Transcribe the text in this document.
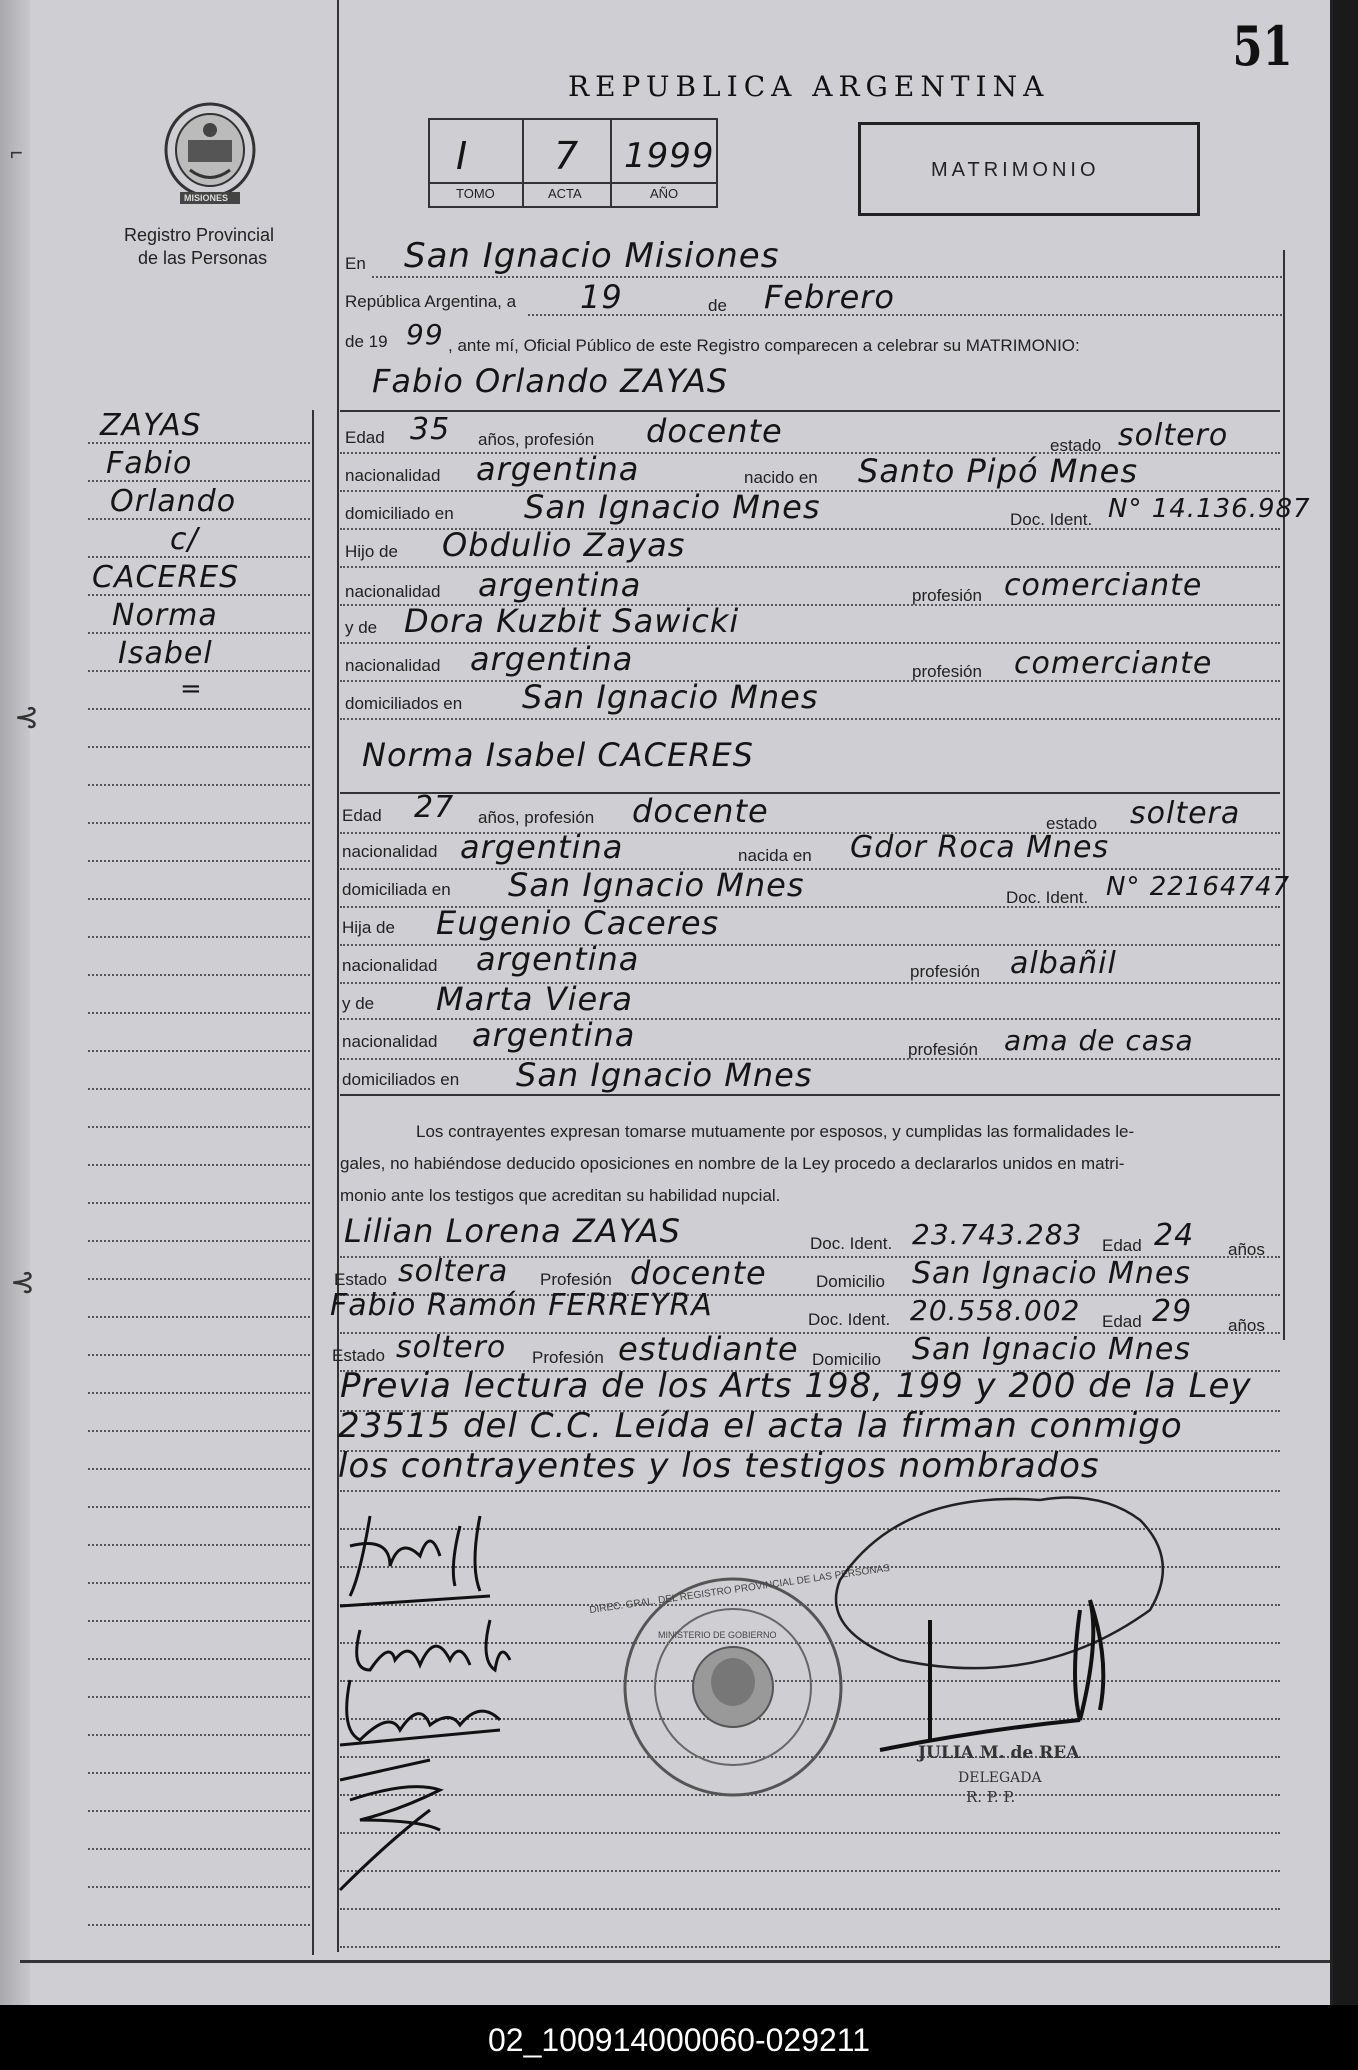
⌐
⊰
⊰
51
REPUBLICA ARGENTINA
MISIONES
Registro Provincial
de las Personas
I 7 1999
TOMO	ACTA	AÑO
MATRIMONIO
ZAYAS
Fabio
Orlando
c/
CACERES
Norma
Isabel
=
En San Ignacio Misiones
República Argentina, a 19	de Febrero
de 19 99 , ante mí, Oficial Público de este Registro comparecen a celebrar su MATRIMONIO:
Fabio Orlando ZAYAS
Edad 35 años, profesión docente	estado soltero
nacionalidad argentina	nacido en Santo Pipó Mnes
domiciliado en San Ignacio Mnes	Doc. Ident. N° 14.136.987
Hijo de Obdulio Zayas
nacionalidad argentina	profesión comerciante
y de Dora Kuzbit Sawicki
nacionalidad argentina	profesión comerciante
domiciliados en San Ignacio Mnes
Norma Isabel CACERES
Edad 27 años, profesión docente	estado soltera
nacionalidad argentina	nacida en Gdor Roca Mnes
domiciliada en San Ignacio Mnes	Doc. Ident. N° 22164747
Hija de Eugenio Caceres
nacionalidad argentina	profesión albañil
y de Marta Viera
nacionalidad argentina	profesión ama de casa
domiciliados en San Ignacio Mnes
Los contrayentes expresan tomarse mutuamente por esposos, y cumplidas las formalidades le-
gales, no habiéndose deducido oposiciones en nombre de la Ley procedo a declararlos unidos en matri-
monio ante los testigos que acreditan su habilidad nupcial.
Lilian Lorena ZAYAS	Doc. Ident. 23.743.283 Edad 24 años
Estado soltera Profesión docente	Domicilio San Ignacio Mnes
Fabio Ramón FERREYRA	Doc. Ident. 20.558.002 Edad 29 años
Estado soltero Profesión estudiante Domicilio San Ignacio Mnes
Previa lectura de los Arts 198, 199 y 200 de la Ley
23515 del C.C. Leída el acta la firman conmigo
los contrayentes y los testigos nombrados
DIREC. GRAL. DEL REGISTRO PROVINCIAL DE LAS PERSONAS
MINISTERIO DE GOBIERNO
JULIA M. de REA
DELEGADA
R. P. P.
02_100914000060-029211
